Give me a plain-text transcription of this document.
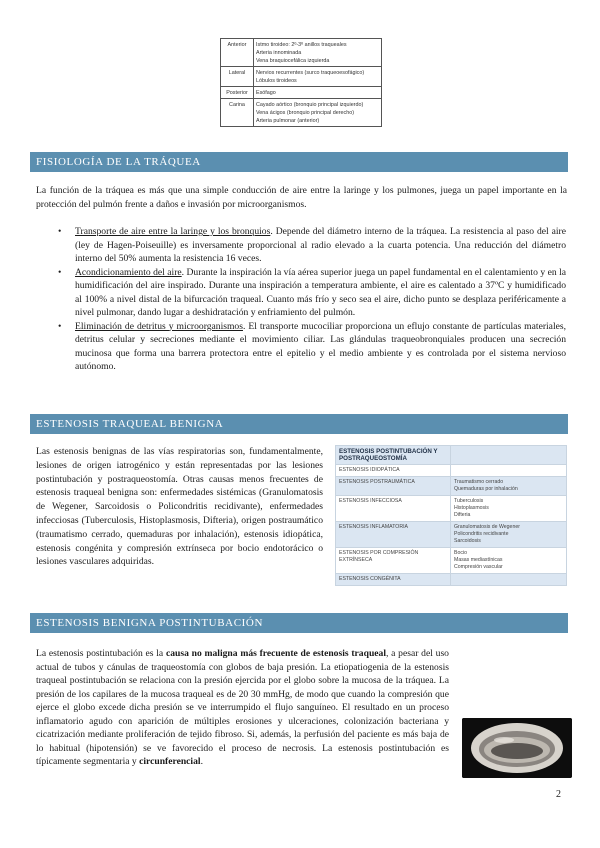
Anterior	Istmo tiroideo: 2º-3º anillos traqueales
Arteria innominada
Vena braquiocefálica izquierda

Lateral	Nervios recurrentes (surco traqueoesofágico)
Lóbulos tiroideos

Posterior	Esófago

Carina	Cayado aórtico (bronquio principal izquierdo)
Vena ácigos (bronquio principal derecho)
Arteria pulmonar (anterior)
FISIOLOGÍA DE LA TRÁQUEA
La función de la tráquea es más que una simple conducción de aire entre la laringe y los pulmones, juega un papel importante en la protección del pulmón frente a daños e invasión por microorganismos.
• Transporte de aire entre la laringe y los bronquios. Depende del diámetro interno de la tráquea. La resistencia al paso del aire (ley de Hagen-Poiseuille) es inversamente proporcional al radio elevado a la cuarta potencia. Una reducción del diámetro interno del 50% aumenta la resistencia 16 veces.
• Acondicionamiento del aire. Durante la inspiración la vía aérea superior juega un papel fundamental en el calentamiento y en la humidificación del aire inspirado. Durante una inspiración a temperatura ambiente, el aire es calentado a 37ºC y humidificado al 100% a nivel distal de la bifurcación traqueal. Cuanto más frío y seco sea el aire, dicho punto se desplaza periféricamente a nivel pulmonar, dando lugar a deshidratación y enfriamiento del pulmón.
• Eliminación de detritus y microorganismos. El transporte mucociliar proporciona un eflujo constante de partículas materiales, detritus celular y secreciones mediante el movimiento ciliar. Las glándulas traqueobronquiales producen una secreción mucinosa que forma una barrera protectora entre el epitelio y el medio ambiente y es controlada por el sistema nervioso autónomo.
ESTENOSIS TRAQUEAL BENIGNA
Las estenosis benignas de las vías respiratorias son, fundamentalmente, lesiones de origen iatrogénico y están representadas por las lesiones postintubación y postraqueostomía. Otras causas menos frecuentes de estenosis traqueal benigna son: enfermedades sistémicas (Granulomatosis de Wegener, Sarcoidosis o Policondritis recidivante), enfermedades infecciosas (Tuberculosis, Histoplasmosis, Difteria), origen postraumático (traumatismo cerrado, quemaduras por inhalación), estenosis idiopática, estenosis congénita y compresión extrínseca por bocio endotorácico o lesiones vasculares adquiridas.
ESTENOSIS POSTINTUBACIÓN Y POSTRAQUEOSTOMÍA	
ESTENOSIS IDIOPÁTICA	
ESTENOSIS POSTRAUMÁTICA	Traumatismo cerrado
Quemaduras por inhalación
ESTENOSIS INFECCIOSA	Tuberculosis
Histoplasmosis
Difteria
ESTENOSIS INFLAMATORIA	Granulomatosis de Wegener
Policondritis recidivante
Sarcoidosis
ESTENOSIS POR COMPRESIÓN EXTRÍNSECA	Bocio
Masas mediastínicas
Compresión vascular
ESTENOSIS CONGÉNITA	
ESTENOSIS BENIGNA POSTINTUBACIÓN
La estenosis postintubación es la causa no maligna más frecuente de estenosis traqueal, a pesar del uso actual de tubos y cánulas de traqueostomía con globos de baja presión. La etiopatiogenia de la estenosis traqueal postintubación se relaciona con la presión ejercida por el globo sobre la mucosa de la tráquea. La presión de los capilares de la mucosa traqueal es de 20 30 mmHg, de modo que cuando la compresión que ejerce el globo excede dicha presión se ve interrumpido el flujo sanguíneo. El resultado en un proceso inflamatorio agudo con aparición de múltiples erosiones y ulceraciones, colonización bacteriana y cicatrización mediante proliferación de tejido fibroso. Si, además, la perfusión del paciente es más baja de lo habitual (hipotensión) se ve favorecido el proceso de necrosis. La estenosis postintubación es típicamente segmentaria y circunferencial.
2
